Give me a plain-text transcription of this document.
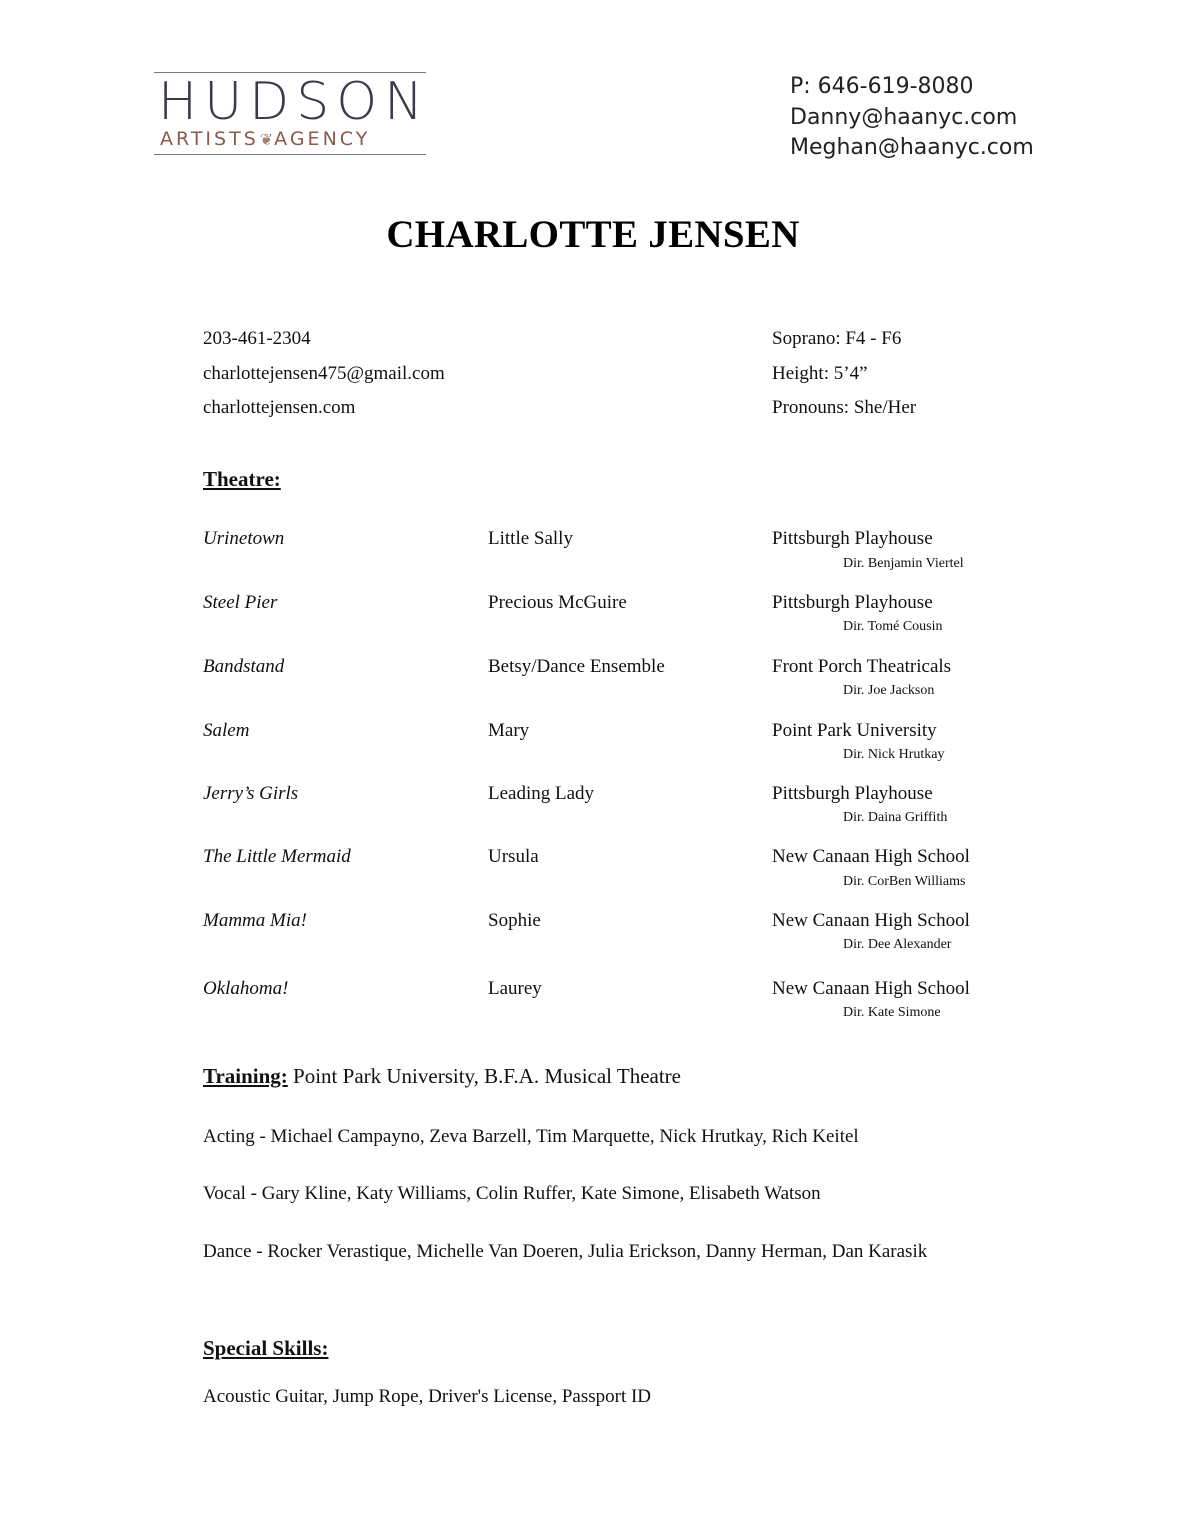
HUDSON
ARTISTS❦AGENCY
P: 646-619-8080
Danny@haanyc.com
Meghan@haanyc.com
CHARLOTTE JENSEN
203-461-2304
charlottejensen475@gmail.com
charlottejensen.com
Soprano: F4 - F6
Height: 5’4”
Pronouns: She/Her
Theatre:
Urinetown	Little Sally	Pittsburgh Playhouse
Dir. Benjamin Viertel
Steel Pier	Precious McGuire	Pittsburgh Playhouse
Dir. Tomé Cousin
Bandstand	Betsy/Dance Ensemble	Front Porch Theatricals
Dir. Joe Jackson
Salem	Mary	Point Park University
Dir. Nick Hrutkay
Jerry’s Girls	Leading Lady	Pittsburgh Playhouse
Dir. Daina Griffith
The Little Mermaid	Ursula	New Canaan High School
Dir. CorBen Williams
Mamma Mia!	Sophie	New Canaan High School
Dir. Dee Alexander
Oklahoma!	Laurey	New Canaan High School
Dir. Kate Simone
Training: Point Park University, B.F.A. Musical Theatre
Acting - Michael Campayno, Zeva Barzell, Tim Marquette, Nick Hrutkay, Rich Keitel
Vocal - Gary Kline, Katy Williams, Colin Ruffer, Kate Simone, Elisabeth Watson
Dance - Rocker Verastique, Michelle Van Doeren, Julia Erickson, Danny Herman, Dan Karasik
Special Skills:
Acoustic Guitar, Jump Rope, Driver's License, Passport ID
